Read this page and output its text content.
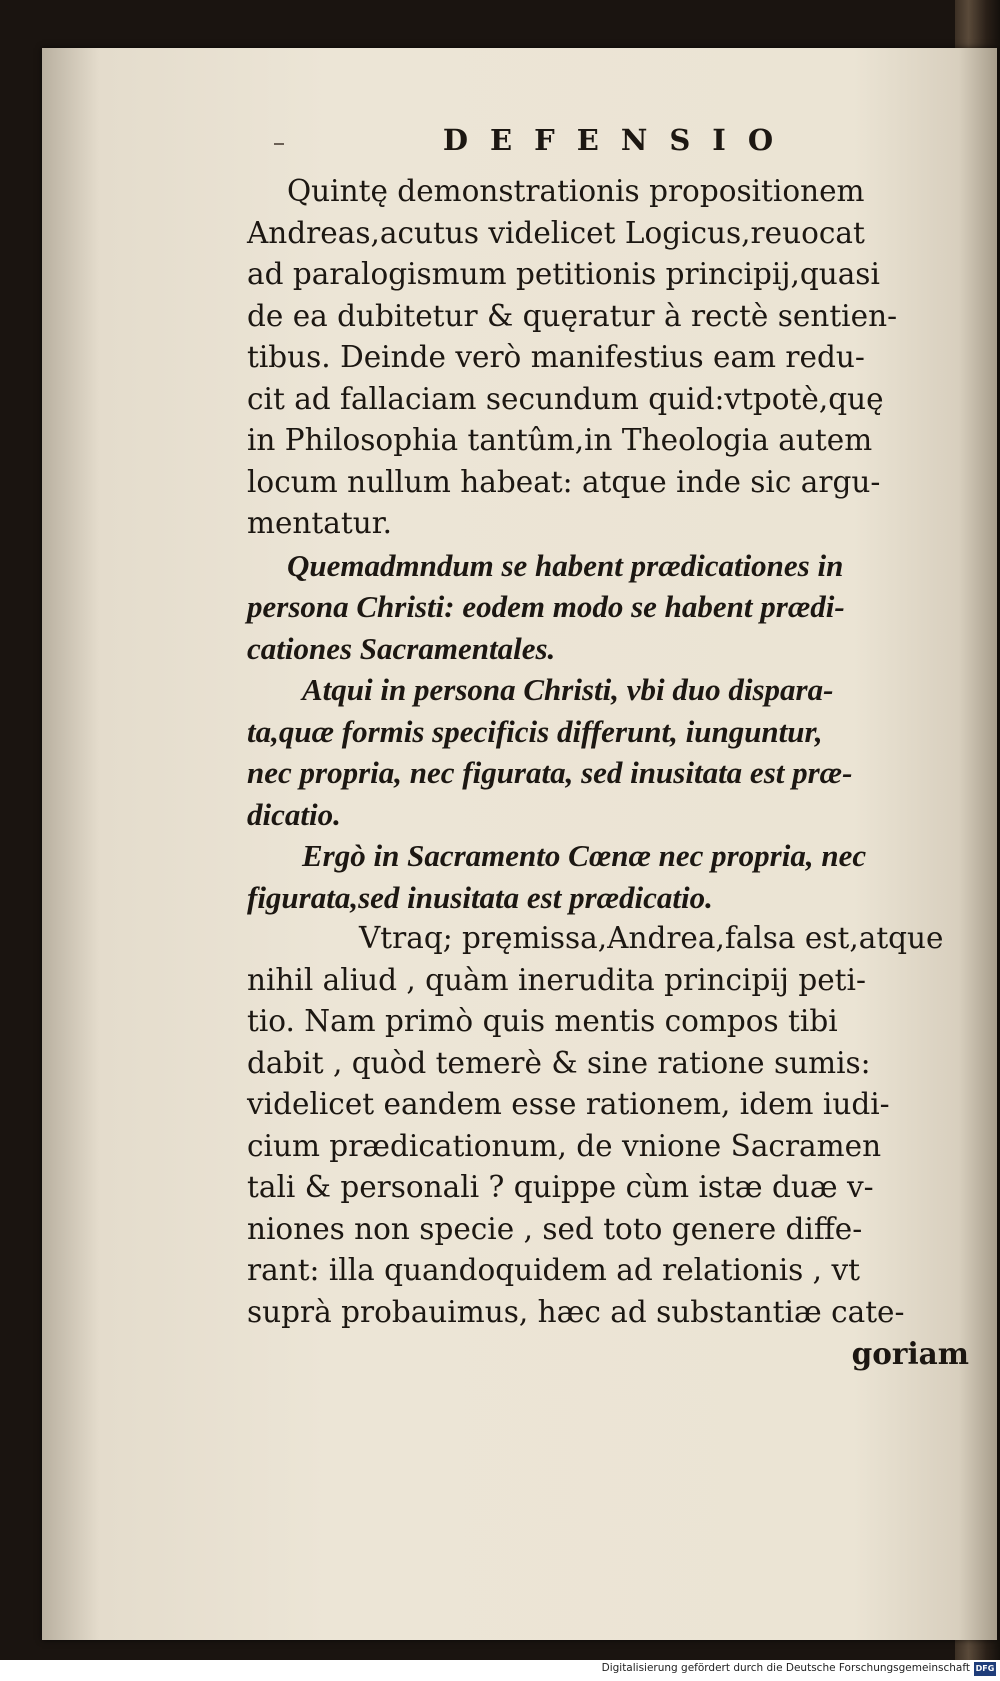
DEFENSIO
Quintę demonstrationis propositionem
Andreas,acutus videlicet Logicus,reuocat
ad paralogismum petitionis principij,quasi
de ea dubitetur & quęratur à rectè sentien-
tibus. Deinde verò manifestius eam redu-
cit ad fallaciam secundum quid:vtpotè,quę
in Philosophia tantûm,in Theologia autem
locum nullum habeat: atque inde sic argu-
mentatur.
Quemadmndum se habent prædicationes in
persona Christi: eodem modo se habent prædi-
cationes Sacramentales.
Atqui in persona Christi, vbi duo dispara-
ta,quæ formis specificis differunt, iunguntur,
nec propria, nec figurata, sed inusitata est præ-
dicatio.
Ergò in Sacramento Cœnæ nec propria, nec
figurata,sed inusitata est prædicatio.
Vtraq; pręmissa,Andrea,falsa est,atque
nihil aliud , quàm inerudita principij peti-
tio. Nam primò quis mentis compos tibi
dabit , quòd temerè & sine ratione sumis:
videlicet eandem esse rationem, idem iudi-
cium prædicationum, de vnione Sacramen
tali & personali ? quippe cùm istæ duæ v-
niones non specie , sed toto genere diffe-
rant: illa quandoquidem ad relationis , vt
suprà probauimus, hæc ad substantiæ cate-
goriam
Digitalisierung gefördert durch die Deutsche Forschungsgemeinschaft DFG
